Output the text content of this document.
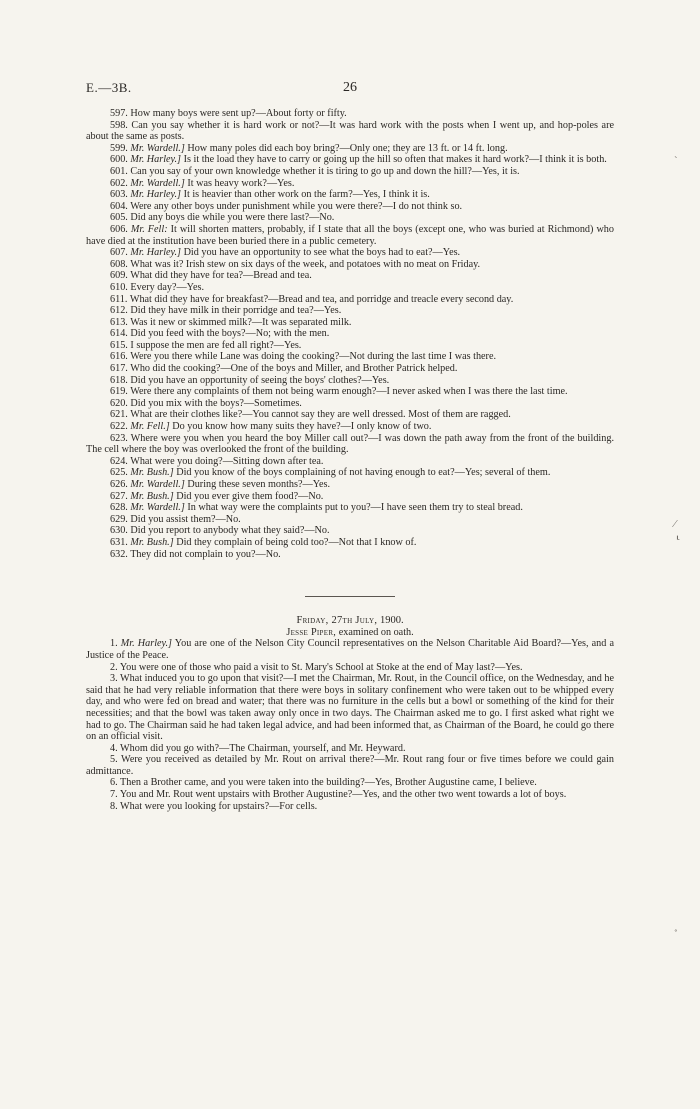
E.—3B.	26

597. How many boys were sent up?—About forty or fifty.

598. Can you say whether it is hard work or not?—It was hard work with the posts when I went up, and hop-poles are about the same as posts.

599. Mr. Wardell.] How many poles did each boy bring?—Only one; they are 13 ft. or 14 ft. long.

600. Mr. Harley.] Is it the load they have to carry or going up the hill so often that makes it hard work?—I think it is both.

601. Can you say of your own knowledge whether it is tiring to go up and down the hill?—Yes, it is.

602. Mr. Wardell.] It was heavy work?—Yes.

603. Mr. Harley.] It is heavier than other work on the farm?—Yes, I think it is.

604. Were any other boys under punishment while you were there?—I do not think so.

605. Did any boys die while you were there last?—No.

606. Mr. Fell: It will shorten matters, probably, if I state that all the boys (except one, who was buried at Richmond) who have died at the institution have been buried there in a public cemetery.

607. Mr. Harley.] Did you have an opportunity to see what the boys had to eat?—Yes.

608. What was it? Irish stew on six days of the week, and potatoes with no meat on Friday.

609. What did they have for tea?—Bread and tea.

610. Every day?—Yes.

611. What did they have for breakfast?—Bread and tea, and porridge and treacle every second day.

612. Did they have milk in their porridge and tea?—Yes.

613. Was it new or skimmed milk?—It was separated milk.

614. Did you feed with the boys?—No; with the men.

615. I suppose the men are fed all right?—Yes.

616. Were you there while Lane was doing the cooking?—Not during the last time I was there.

617. Who did the cooking?—One of the boys and Miller, and Brother Patrick helped.

618. Did you have an opportunity of seeing the boys' clothes?—Yes.

619. Were there any complaints of them not being warm enough?—I never asked when I was there the last time.

620. Did you mix with the boys?—Sometimes.

621. What are their clothes like?—You cannot say they are well dressed. Most of them are ragged.

622. Mr. Fell.] Do you know how many suits they have?—I only know of two.

623. Where were you when you heard the boy Miller call out?—I was down the path away from the front of the building. The cell where the boy was overlooked the front of the building.

624. What were you doing?—Sitting down after tea.

625. Mr. Bush.] Did you know of the boys complaining of not having enough to eat?—Yes; several of them.

626. Mr. Wardell.] During these seven months?—Yes.

627. Mr. Bush.] Did you ever give them food?—No.

628. Mr. Wardell.] In what way were the complaints put to you?—I have seen them try to steal bread.

629. Did you assist them?—No.

630. Did you report to anybody what they said?—No.

631. Mr. Bush.] Did they complain of being cold too?—Not that I know of.

632. They did not complain to you?—No.

Friday, 27th July, 1900.

Jesse Piper, examined on oath.

1. Mr. Harley.] You are one of the Nelson City Council representatives on the Nelson Charitable Aid Board?—Yes, and a Justice of the Peace.

2. You were one of those who paid a visit to St. Mary's School at Stoke at the end of May last?—Yes.

3. What induced you to go upon that visit?—I met the Chairman, Mr. Rout, in the Council office, on the Wednesday, and he said that he had very reliable information that there were boys in solitary confinement who were taken out to be whipped every day, and who were fed on bread and water; that there was no furniture in the cells but a bowl or something of the kind for their necessities; and that the bowl was taken away only once in two days. The Chairman asked me to go. I first asked what right we had to go. The Chairman said he had taken legal advice, and had been informed that, as Chairman of the Board, he could go there on an official visit.

4. Whom did you go with?—The Chairman, yourself, and Mr. Heyward.

5. Were you received as detailed by Mr. Rout on arrival there?—Mr. Rout rang four or five times before we could gain admittance.

6. Then a Brother came, and you were taken into the building?—Yes, Brother Augustine came, I believe.

7. You and Mr. Rout went upstairs with Brother Augustine?—Yes, and the other two went towards a lot of boys.

8. What were you looking for upstairs?—For cells.

˴
⁄
⸤
˳
